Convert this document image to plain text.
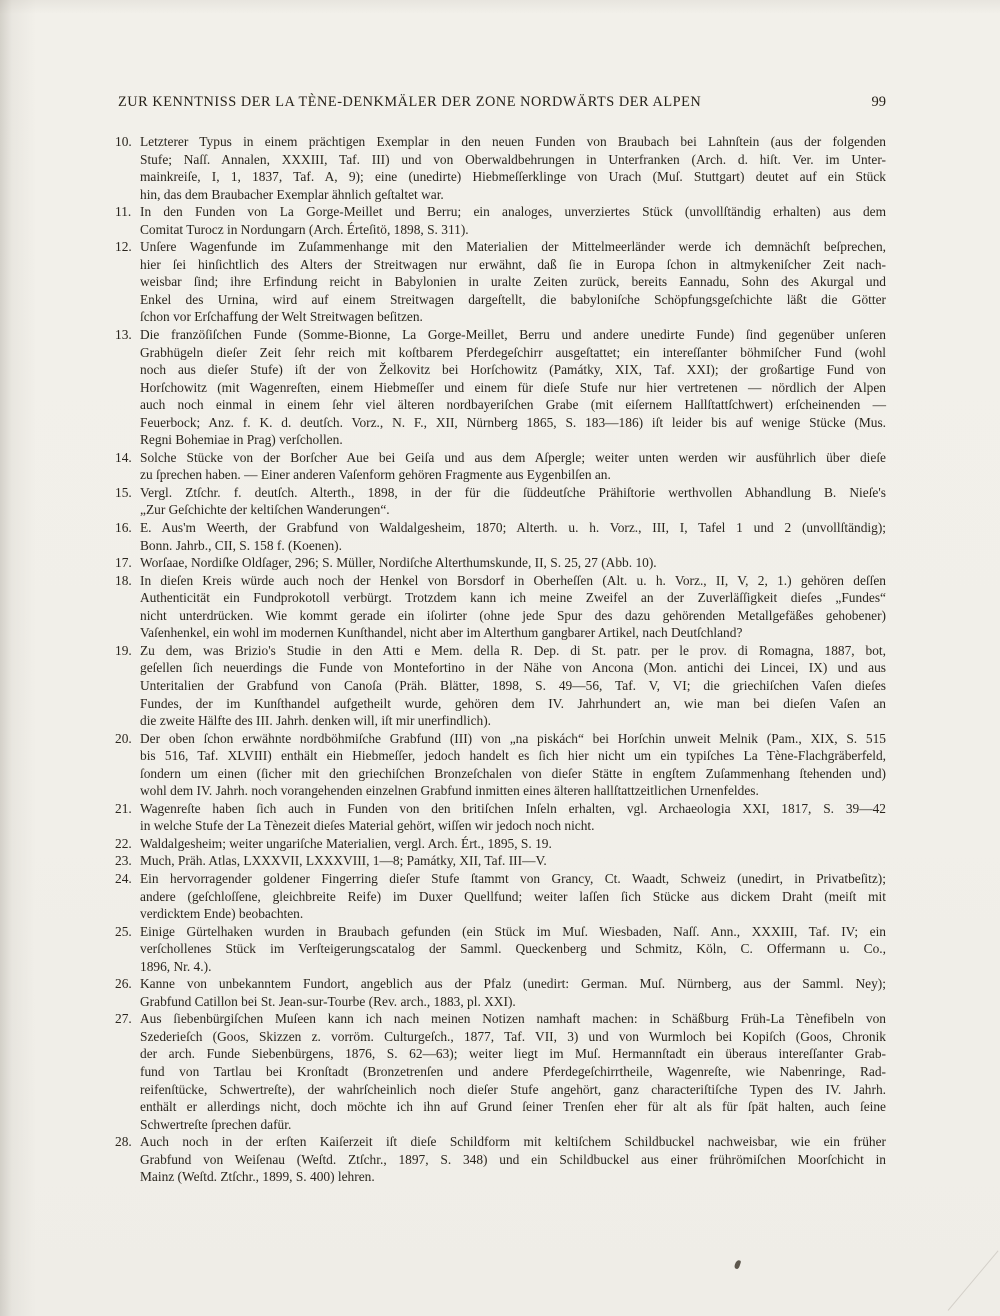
ZUR KENNTNISS DER LA TÈNE-DENKMÄLER DER ZONE NORDWÄRTS DER ALPEN	99
10. Letzterer Typus in einem prächtigen Exemplar in den neuen Funden von Braubach bei Lahnſtein (aus der folgenden
Stufe; Naſſ. Annalen, XXXIII, Taf. III) und von Oberwaldbehrungen in Unterfranken (Arch. d. hiſt. Ver. im Unter-
mainkreiſe, I, 1, 1837, Taf. A, 9); eine (unedirte) Hiebmeſſerklinge von Urach (Muſ. Stuttgart) deutet auf ein Stück
hin, das dem Braubacher Exemplar ähnlich geſtaltet war.
11. In den Funden von La Gorge-Meillet und Berru; ein analoges, unverziertes Stück (unvollſtändig erhalten) aus dem
Comitat Turocz in Nordungarn (Arch. Érteſitö, 1898, S. 311).
12. Unſere Wagenfunde im Zuſammenhange mit den Materialien der Mittelmeerländer werde ich demnächſt beſprechen,
hier ſei hinſichtlich des Alters der Streitwagen nur erwähnt, daß ſie in Europa ſchon in altmykeniſcher Zeit nach-
weisbar ſind; ihre Erfindung reicht in Babylonien in uralte Zeiten zurück, bereits Eannadu, Sohn des Akurgal und
Enkel des Urnina, wird auf einem Streitwagen dargeſtellt, die babyloniſche Schöpfungsgeſchichte läßt die Götter
ſchon vor Erſchaffung der Welt Streitwagen beſitzen.
13. Die franzöſiſchen Funde (Somme-Bionne, La Gorge-Meillet, Berru und andere unedirte Funde) ſind gegenüber unſeren
Grabhügeln dieſer Zeit ſehr reich mit koſtbarem Pferdegeſchirr ausgeſtattet; ein intereſſanter böhmiſcher Fund (wohl
noch aus dieſer Stufe) iſt der von Želkovitz bei Horſchowitz (Památky, XIX, Taf. XXI); der großartige Fund von
Horſchowitz (mit Wagenreſten, einem Hiebmeſſer und einem für dieſe Stufe nur hier vertretenen — nördlich der Alpen
auch noch einmal in einem ſehr viel älteren nordbayeriſchen Grabe (mit eiſernem Hallſtattſchwert) erſcheinenden —
Feuerbock; Anz. f. K. d. deutſch. Vorz., N. F., XII, Nürnberg 1865, S. 183—186) iſt leider bis auf wenige Stücke (Mus.
Regni Bohemiae in Prag) verſchollen.
14. Solche Stücke von der Borſcher Aue bei Geiſa und aus dem Aſpergle; weiter unten werden wir ausführlich über dieſe
zu ſprechen haben. — Einer anderen Vaſenform gehören Fragmente aus Eygenbilſen an.
15. Vergl. Ztſchr. f. deutſch. Alterth., 1898, in der für die ſüddeutſche Prähiſtorie werthvollen Abhandlung B. Nieſe's
„Zur Geſchichte der keltiſchen Wanderungen“.
16. E. Aus'm Weerth, der Grabfund von Waldalgesheim, 1870; Alterth. u. h. Vorz., III, I, Tafel 1 und 2 (unvollſtändig);
Bonn. Jahrb., CII, S. 158 f. (Koenen).
17. Worſaae, Nordiſke Oldſager, 296; S. Müller, Nordiſche Alterthumskunde, II, S. 25, 27 (Abb. 10).
18. In dieſen Kreis würde auch noch der Henkel von Borsdorf in Oberheſſen (Alt. u. h. Vorz., II, V, 2, 1.) gehören deſſen
Authenticität ein Fundprokotoll verbürgt. Trotzdem kann ich meine Zweifel an der Zuverläſſigkeit dieſes „Fundes“
nicht unterdrücken. Wie kommt gerade ein iſolirter (ohne jede Spur des dazu gehörenden Metallgefäßes gehobener)
Vaſenhenkel, ein wohl im modernen Kunſthandel, nicht aber im Alterthum gangbarer Artikel, nach Deutſchland?
19. Zu dem, was Brizio's Studie in den Atti e Mem. della R. Dep. di St. patr. per le prov. di Romagna, 1887, bot,
geſellen ſich neuerdings die Funde von Montefortino in der Nähe von Ancona (Mon. antichi dei Lincei, IX) und aus
Unteritalien der Grabfund von Canoſa (Präh. Blätter, 1898, S. 49—56, Taf. V, VI; die griechiſchen Vaſen dieſes
Fundes, der im Kunſthandel aufgetheilt wurde, gehören dem IV. Jahrhundert an, wie man bei dieſen Vaſen an
die zweite Hälfte des III. Jahrh. denken will, iſt mir unerfindlich).
20. Der oben ſchon erwähnte nordböhmiſche Grabfund (III) von „na piskách“ bei Horſchin unweit Melnik (Pam., XIX, S. 515
bis 516, Taf. XLVIII) enthält ein Hiebmeſſer, jedoch handelt es ſich hier nicht um ein typiſches La Tène-Flachgräberfeld,
ſondern um einen (ſicher mit den griechiſchen Bronzeſchalen von dieſer Stätte in engſtem Zuſammenhang ſtehenden und)
wohl dem IV. Jahrh. noch vorangehenden einzelnen Grabfund inmitten eines älteren hallſtattzeitlichen Urnenfeldes.
21. Wagenreſte haben ſich auch in Funden von den britiſchen Inſeln erhalten, vgl. Archaeologia XXI, 1817, S. 39—42
in welche Stufe der La Tènezeit dieſes Material gehört, wiſſen wir jedoch noch nicht.
22. Waldalgesheim; weiter ungariſche Materialien, vergl. Arch. Ért., 1895, S. 19.
23. Much, Präh. Atlas, LXXXVII, LXXXVIII, 1—8; Památky, XII, Taf. III—V.
24. Ein hervorragender goldener Fingerring dieſer Stufe ſtammt von Grancy, Ct. Waadt, Schweiz (unedirt, in Privatbeſitz);
andere (geſchloſſene, gleichbreite Reife) im Duxer Quellfund; weiter laſſen ſich Stücke aus dickem Draht (meiſt mit
verdicktem Ende) beobachten.
25. Einige Gürtelhaken wurden in Braubach gefunden (ein Stück im Muſ. Wiesbaden, Naſſ. Ann., XXXIII, Taf. IV; ein
verſchollenes Stück im Verſteigerungscatalog der Samml. Queckenberg und Schmitz, Köln, C. Offermann u. Co.,
1896, Nr. 4.).
26. Kanne von unbekanntem Fundort, angeblich aus der Pfalz (unedirt: German. Muſ. Nürnberg, aus der Samml. Ney);
Grabfund Catillon bei St. Jean-sur-Tourbe (Rev. arch., 1883, pl. XXI).
27. Aus ſiebenbürgiſchen Muſeen kann ich nach meinen Notizen namhaft machen: in Schäßburg Früh-La Tènefibeln von
Szederieſch (Goos, Skizzen z. vorröm. Culturgeſch., 1877, Taf. VII, 3) und von Wurmloch bei Kopiſch (Goos, Chronik
der arch. Funde Siebenbürgens, 1876, S. 62—63); weiter liegt im Muſ. Hermannſtadt ein überaus intereſſanter Grab-
fund von Tartlau bei Kronſtadt (Bronzetrenſen und andere Pferdegeſchirrtheile, Wagenreſte, wie Nabenringe, Rad-
reifenſtücke, Schwertreſte), der wahrſcheinlich noch dieſer Stufe angehört, ganz characteriſtiſche Typen des IV. Jahrh.
enthält er allerdings nicht, doch möchte ich ihn auf Grund ſeiner Trenſen eher für alt als für ſpät halten, auch ſeine
Schwertreſte ſprechen dafür.
28. Auch noch in der erſten Kaiſerzeit iſt dieſe Schildform mit keltiſchem Schildbuckel nachweisbar, wie ein früher
Grabfund von Weiſenau (Weſtd. Ztſchr., 1897, S. 348) und ein Schildbuckel aus einer frührömiſchen Moorſchicht in
Mainz (Weſtd. Ztſchr., 1899, S. 400) lehren.
